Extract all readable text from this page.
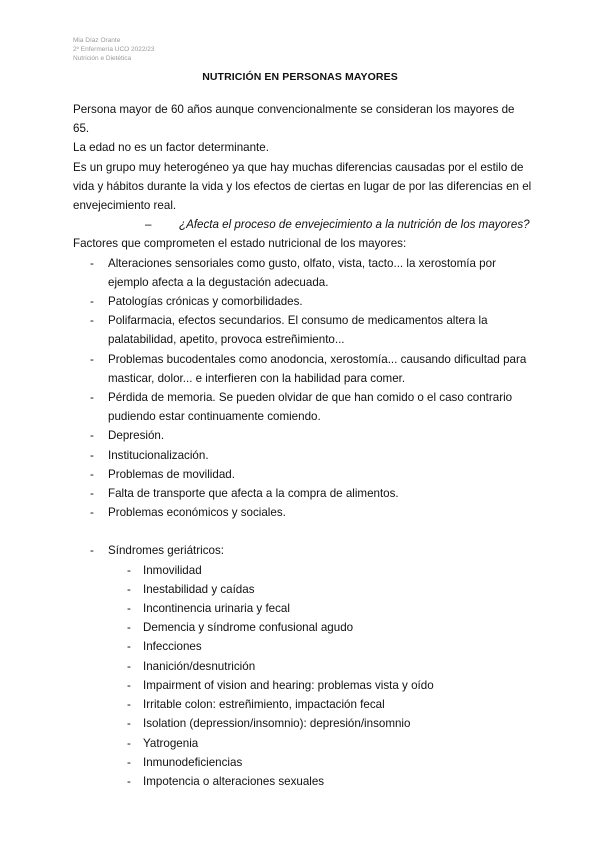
Mia Díaz Orante
2º Enfermería UCO 2022/23
Nutrición e Dietética
NUTRICIÓN EN PERSONAS MAYORES

Persona mayor de 60 años aunque convencionalmente se consideran los mayores de 65.

La edad no es un factor determinante.

Es un grupo muy heterogéneo ya que hay muchas diferencias causadas por el estilo de vida y hábitos durante la vida y los efectos de ciertas en lugar de por las diferencias en el envejecimiento real.

– ¿Afecta el proceso de envejecimiento a la nutrición de los mayores?

Factores que comprometen el estado nutricional de los mayores:

- Alteraciones sensoriales como gusto, olfato, vista, tacto... la xerostomía por ejemplo afecta a la degustación adecuada.
- Patologías crónicas y comorbilidades.
- Polifarmacia, efectos secundarios. El consumo de medicamentos altera la palatabilidad, apetito, provoca estreñimiento...
- Problemas bucodentales como anodoncia, xerostomía... causando dificultad para masticar, dolor... e interfieren con la habilidad para comer.
- Pérdida de memoria. Se pueden olvidar de que han comido o el caso contrario pudiendo estar continuamente comiendo.
- Depresión.
- Institucionalización.
- Problemas de movilidad.
- Falta de transporte que afecta a la compra de alimentos.
- Problemas económicos y sociales.
- Síndromes geriátricos:
- Inmovilidad
- Inestabilidad y caídas
- Incontinencia urinaria y fecal
- Demencia y síndrome confusional agudo
- Infecciones
- Inanición/desnutrición
- Impairment of vision and hearing: problemas vista y oído
- Irritable colon: estreñimiento, impactación fecal
- Isolation (depression/insomnio): depresión/insomnio
- Yatrogenia
- Inmunodeficiencias
- Impotencia o alteraciones sexuales
